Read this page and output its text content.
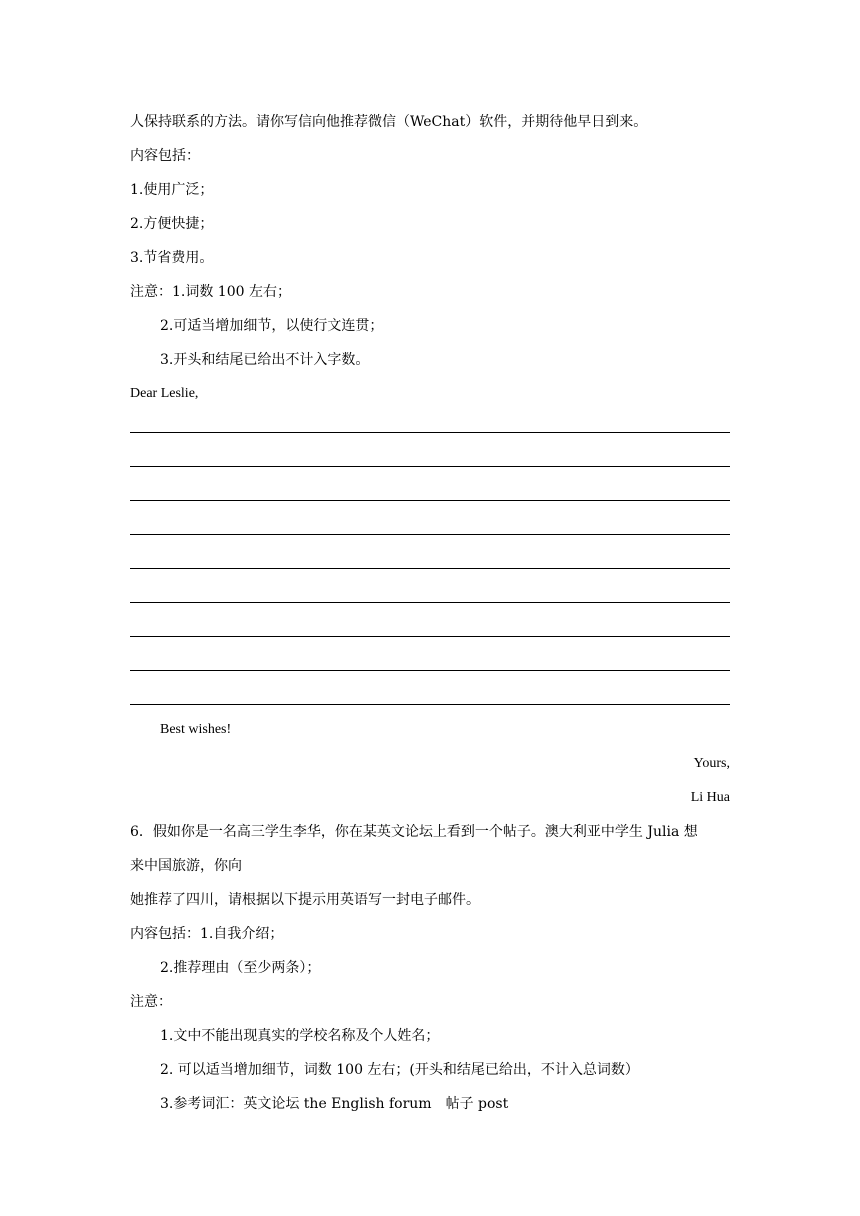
人保持联系的方法。请你写信向他推荐微信（WeChat）软件，并期待他早日到来。
内容包括：
1.使用广泛；
2.方便快捷；
3.节省费用。
注意：1.词数 100 左右；
2.可适当增加细节，以使行文连贯；
3.开头和结尾已给出不计入字数。
Dear Leslie,
Best wishes!
Yours,
Li Hua
6．假如你是一名高三学生李华，你在某英文论坛上看到一个帖子。澳大利亚中学生 Julia 想
来中国旅游，你向
她推荐了四川，请根据以下提示用英语写一封电子邮件。
内容包括：1.自我介绍；
2.推荐理由（至少两条）；
注意：
1.文中不能出现真实的学校名称及个人姓名；
2. 可以适当增加细节，词数 100 左右；(开头和结尾已给出，不计入总词数）
3.参考词汇：英文论坛 the English forum　帖子 post
